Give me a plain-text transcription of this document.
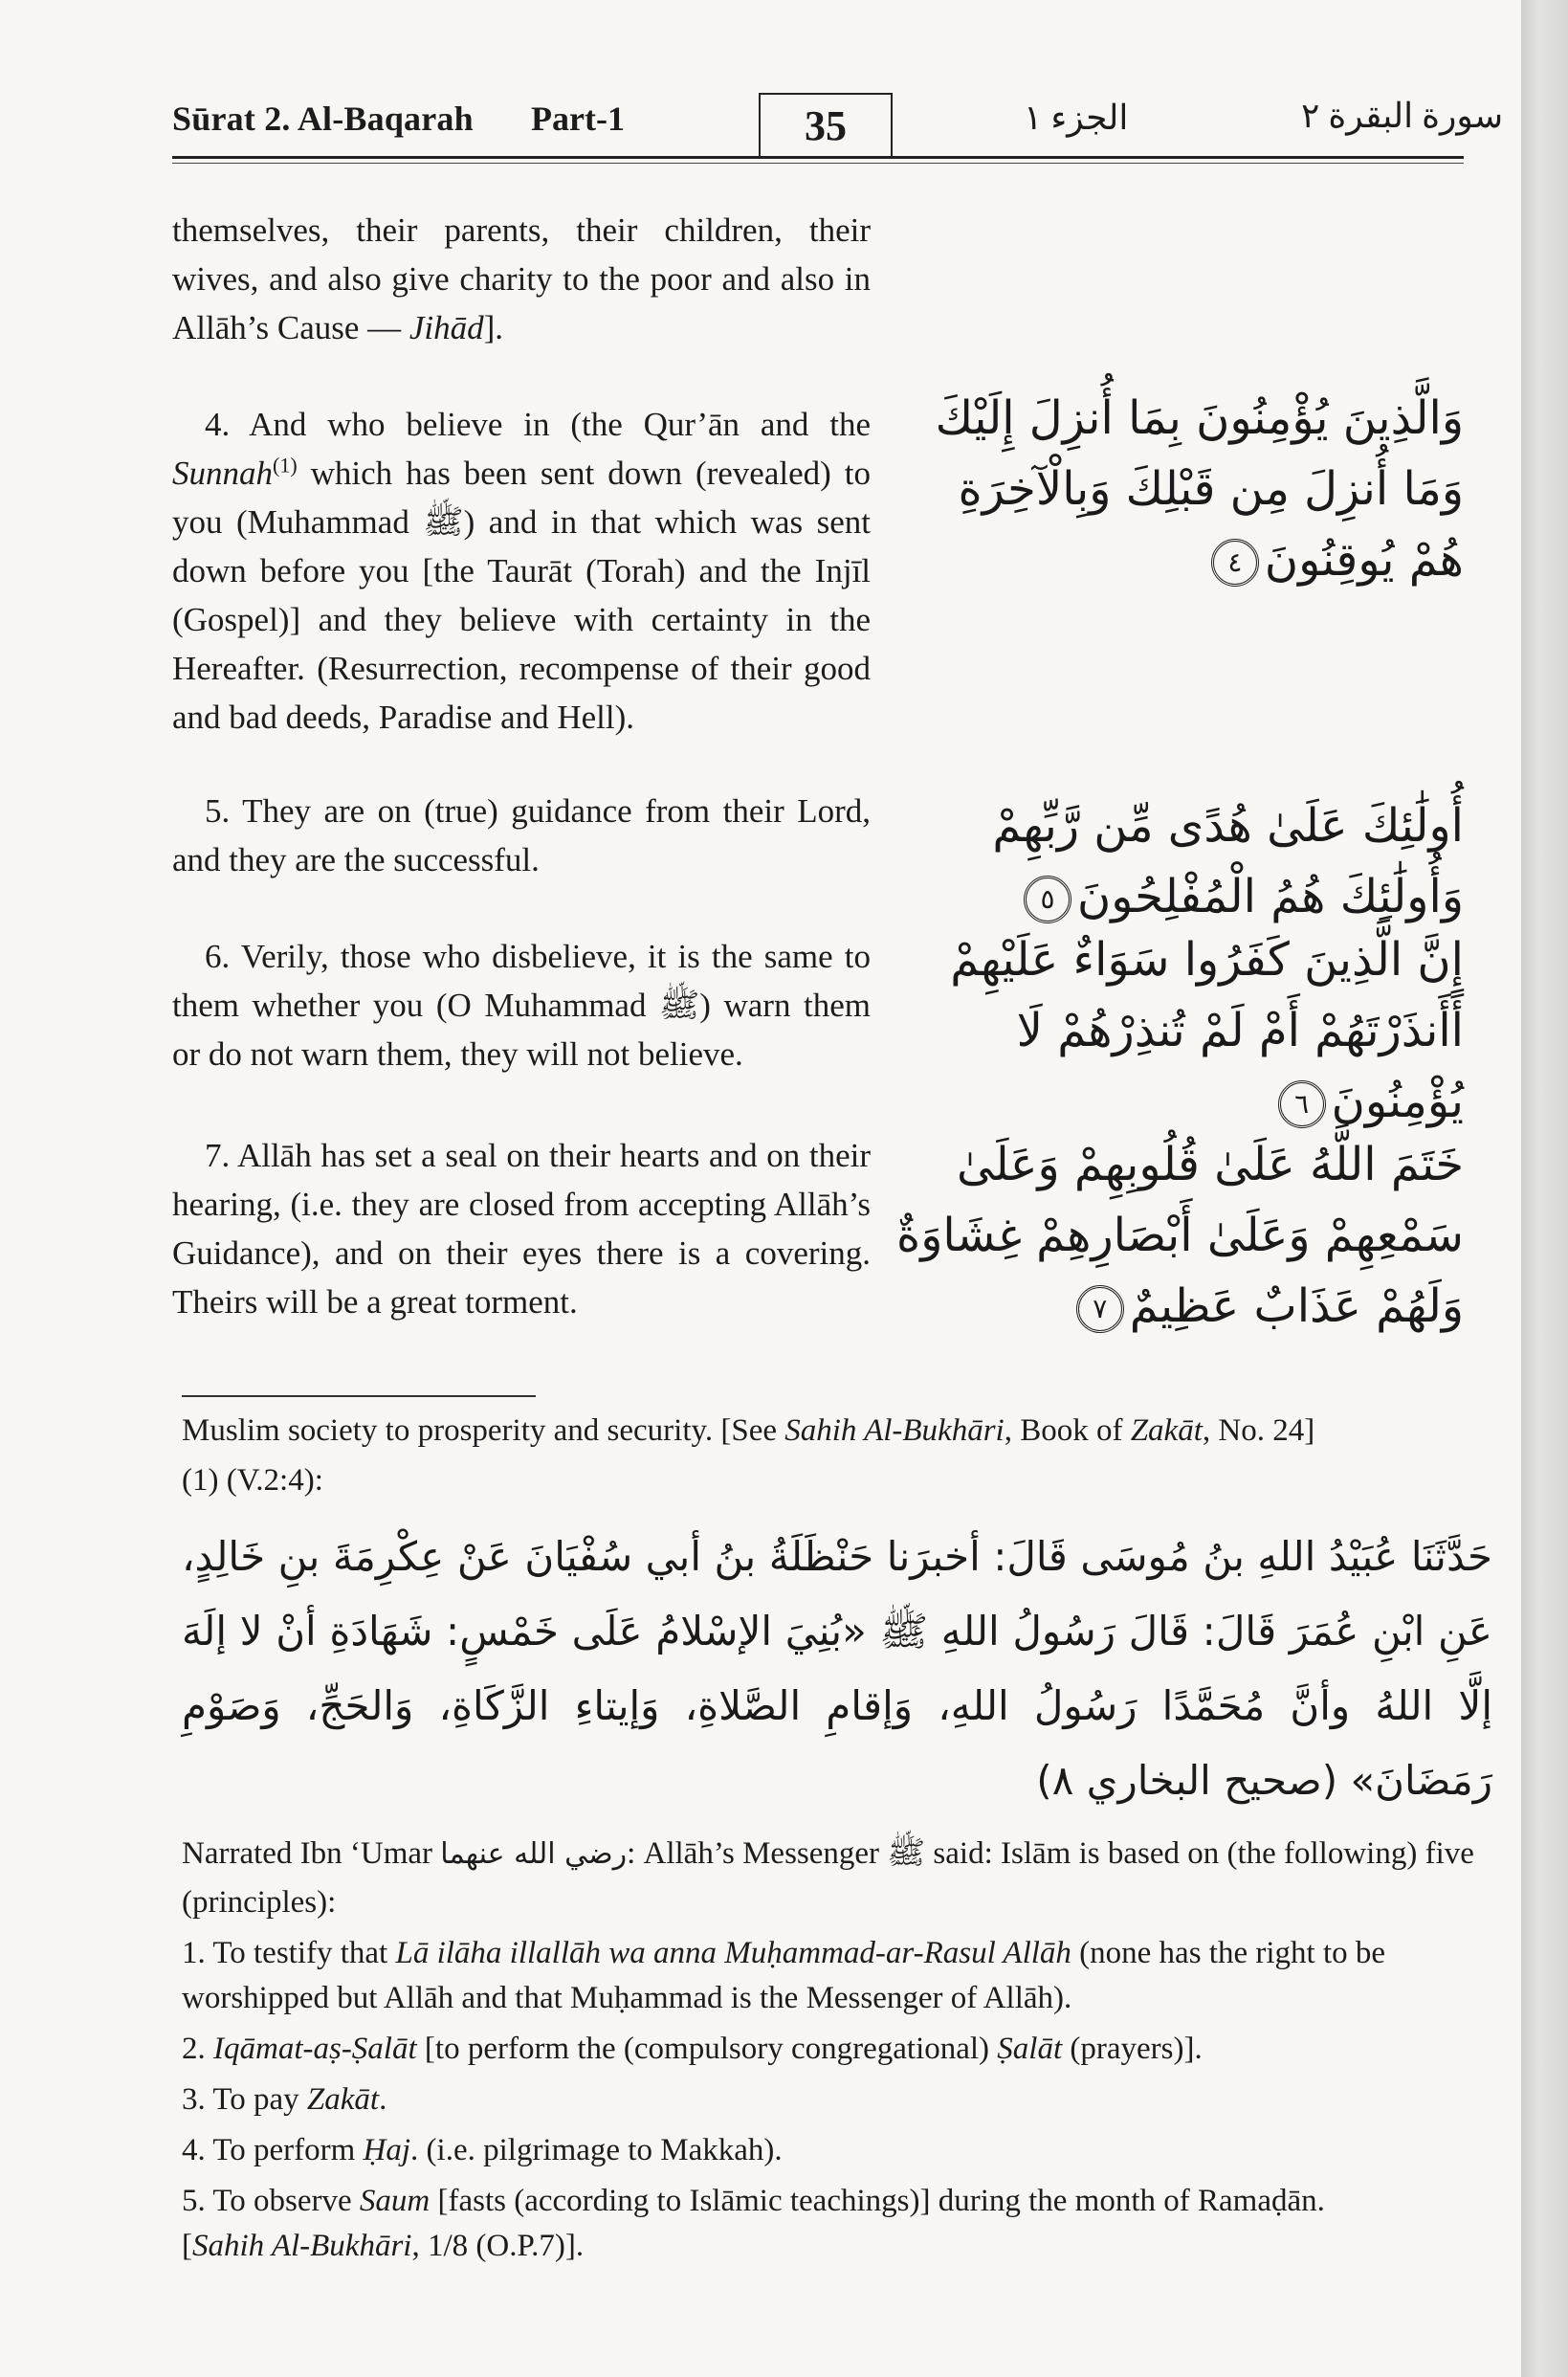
Sūrat 2. Al-Baqarah Part-1	35	الجزء ١	سورة البقرة ٢
themselves, their parents, their children, their wives, and also give charity to the poor and also in Allāh’s Cause — Jihād].
4. And who believe in (the Qur’ān and the Sunnah$^{(1)}$ which has been sent down (revealed) to you (Muhammad ﷺ) and in that which was sent down before you [the Taurāt (Torah) and the Injīl (Gospel)] and they believe with certainty in the Hereafter. (Resurrection, recompense of their good and bad deeds, Paradise and Hell).
5. They are on (true) guidance from their Lord, and they are the successful.
6. Verily, those who disbelieve, it is the same to them whether you (O Muhammad ﷺ) warn them or do not warn them, they will not believe.
7. Allāh has set a seal on their hearts and on their hearing, (i.e. they are closed from accepting Allāh’s Guidance), and on their eyes there is a covering. Theirs will be a great torment.
وَالَّذِينَ يُؤْمِنُونَ بِمَا أُنزِلَ إِلَيْكَ وَمَا أُنزِلَ مِن قَبْلِكَ وَبِالْآخِرَةِ هُمْ يُوقِنُونَ٤
أُولَٰئِكَ عَلَىٰ هُدًى مِّن رَّبِّهِمْ وَأُولَٰئِكَ هُمُ الْمُفْلِحُونَ٥
إِنَّ الَّذِينَ كَفَرُوا سَوَاءٌ عَلَيْهِمْ أَأَنذَرْتَهُمْ أَمْ لَمْ تُنذِرْهُمْ لَا يُؤْمِنُونَ٦
خَتَمَ اللَّهُ عَلَىٰ قُلُوبِهِمْ وَعَلَىٰ سَمْعِهِمْ وَعَلَىٰ أَبْصَارِهِمْ غِشَاوَةٌ وَلَهُمْ عَذَابٌ عَظِيمٌ٧
Muslim society to prosperity and security. [See Sahih Al-Bukhāri, Book of Zakāt, No. 24]
(1) (V.2:4):
حَدَّثَنَا عُبَيْدُ اللهِ بنُ مُوسَى قَالَ: أخبرَنا حَنْظَلَةُ بنُ أبي سُفْيَانَ عَنْ عِكْرِمَةَ بنِ خَالِدٍ، عَنِ ابْنِ عُمَرَ قَالَ: قَالَ رَسُولُ اللهِ ﷺ «بُنِيَ الإسْلامُ عَلَى خَمْسٍ: شَهَادَةِ أنْ لا إلَهَ إلَّا اللهُ وأنَّ مُحَمَّدًا رَسُولُ اللهِ، وَإقامِ الصَّلاةِ، وَإيتاءِ الزَّكَاةِ، وَالحَجِّ، وَصَوْمِ رَمَضَانَ» (صحيح البخاري ٨)
Narrated Ibn ‘Umar رضي الله عنهما: Allāh’s Messenger ﷺ said: Islām is based on (the following) five (principles):

1. To testify that Lā ilāha illallāh wa anna Muḥammad-ar-Rasul Allāh (none has the right to be worshipped but Allāh and that Muḥammad is the Messenger of Allāh).

2. Iqāmat-aṣ-Ṣalāt [to perform the (compulsory congregational) Ṣalāt (prayers)].

3. To pay Zakāt.

4. To perform Ḥaj. (i.e. pilgrimage to Makkah).

5. To observe Saum [fasts (according to Islāmic teachings)] during the month of Ramaḍān.

[Sahih Al-Bukhāri, 1/8 (O.P.7)].
